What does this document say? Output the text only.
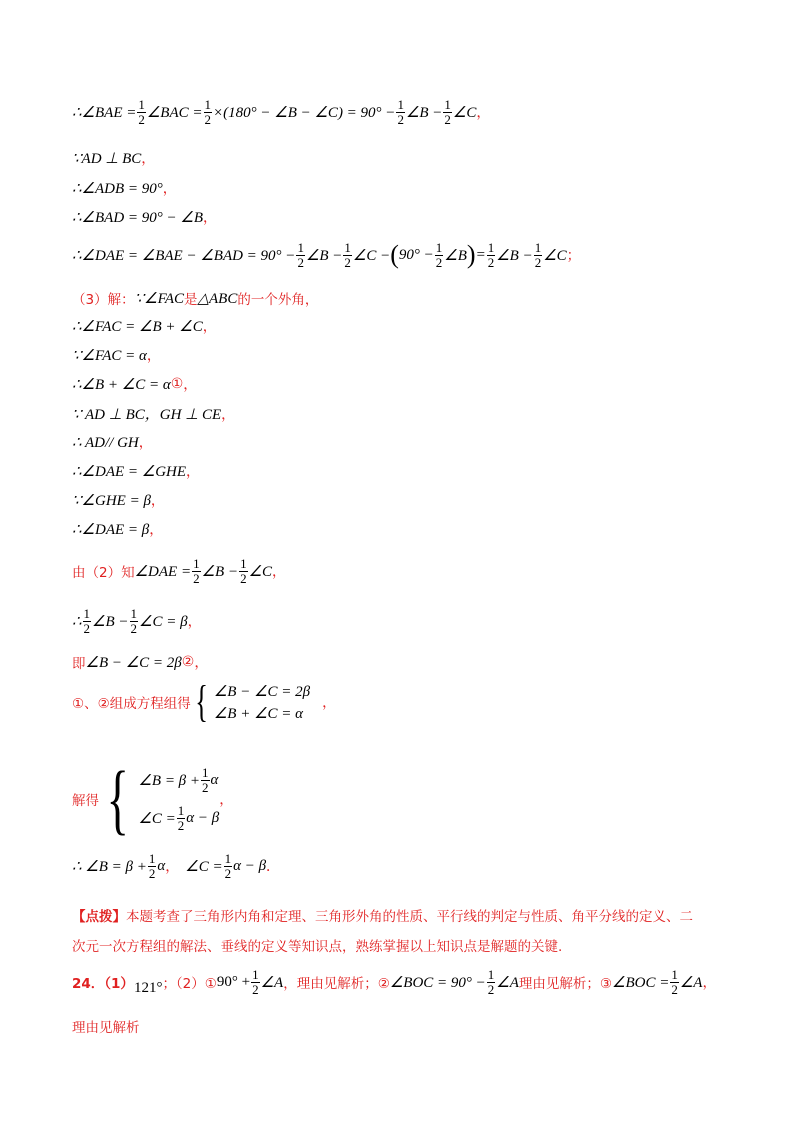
∴∠BAE = $\frac{1}{2}$ ∠BAC = $\frac{1}{2} \times(180^\circ$ − ∠B − ∠C) = $90^\circ - \frac{1}{2}$ ∠B − $\frac{1}{2}$ ∠C ，
∵AD ⊥ BC ，
∴∠ADB = 90° ，
∴∠BAD = 90° − ∠B ，
∴∠DAE = ∠BAE − ∠BAD = $90^\circ - \frac{1}{2}$ ∠B − $\frac{1}{2}$ ∠C − ( $90^\circ - \frac{1}{2}$ ∠B ) = $\frac{1}{2}$ ∠B − $\frac{1}{2}$ ∠C ；
（3）解： ∵∠FAC 是 △ABC 的一个外角，
∴∠FAC = ∠B + ∠C ，
∵∠FAC = α ，
∴∠B + ∠C = α ① ，
∵ AD ⊥ BC，GH ⊥ CE ，
∴ AD// GH ，
∴∠DAE = ∠GHE ，
∵∠GHE = β ，
∴∠DAE = β ，
由（2）知 ∠DAE = $\frac{1}{2}$ ∠B − $\frac{1}{2}$ ∠C ，
∴ $\frac{1}{2}$ ∠B − $\frac{1}{2}$ ∠C = β ，
即 ∠B − ∠C = 2β ② ，
①、②组成方程组得 { ∠B − ∠C = 2β
∠B + ∠C = α
，
解得 { ∠B = $\beta + \frac{1}{2}$ α
∠C = $\frac{1}{2}$ α − β
，
∴ ∠B = $\beta + \frac{1}{2}$ α ， ∠C = $\frac{1}{2}$ α − β ．
【点拨】 本题考查了三角形内角和定理、三角形外角的性质、平行线的判定与性质、角平分线的定义、二
次元一次方程组的解法、垂线的定义等知识点，熟练掌握以上知识点是解题的关键.
24．（1） 121° ；（2）① $90^\circ + \frac{1}{2}$ ∠A ，理由见解析；② ∠BOC = $90^\circ - \frac{1}{2}$ ∠A 理由见解析；③ ∠BOC = $\frac{1}{2}$ ∠A ，
理由见解析
